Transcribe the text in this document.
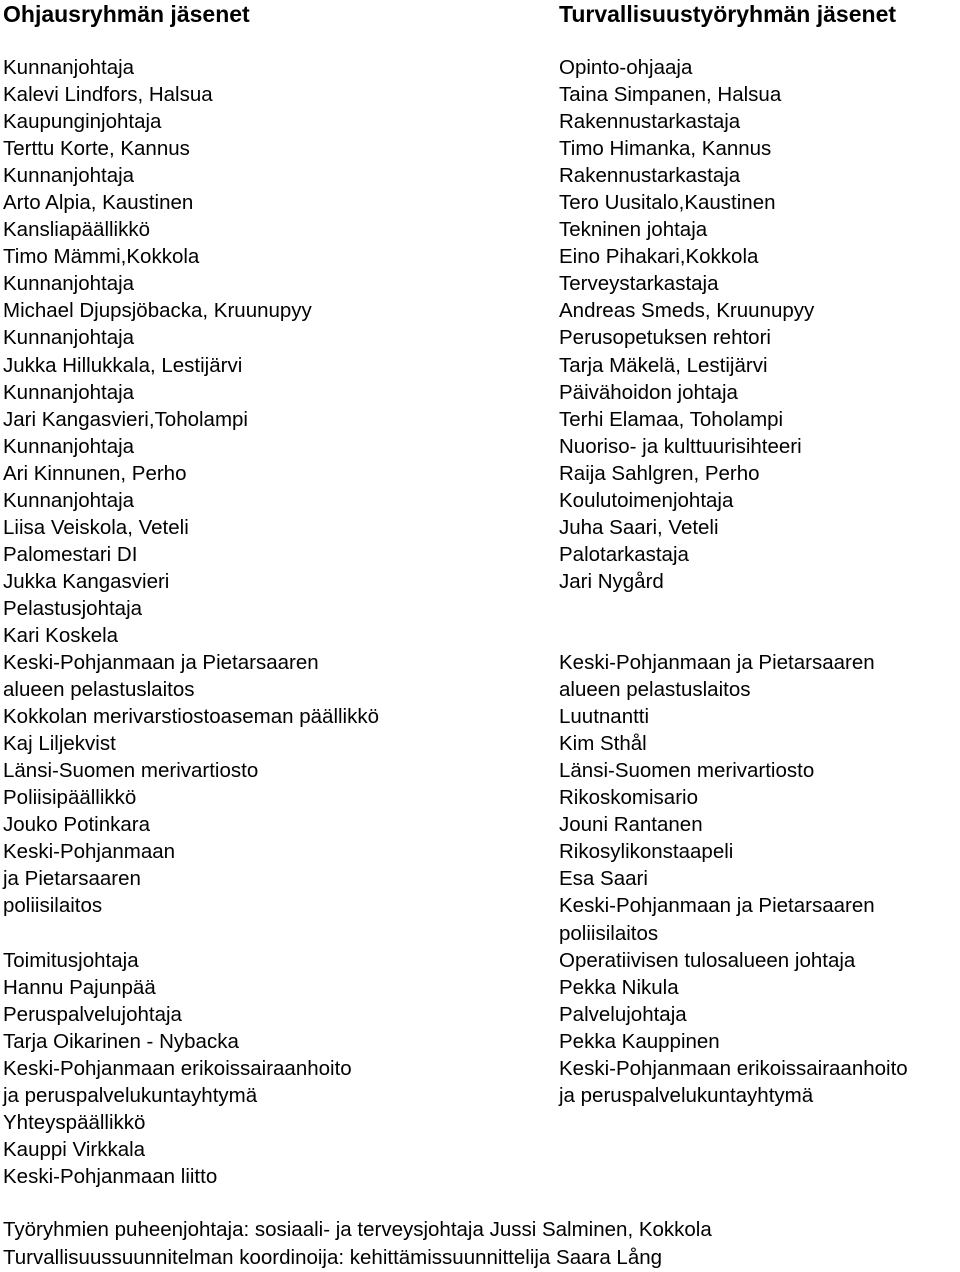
Ohjausryhmän jäsenet
Kunnanjohtaja
Kalevi Lindfors, Halsua
Kaupunginjohtaja
Terttu Korte, Kannus
Kunnanjohtaja
Arto Alpia, Kaustinen
Kansliapäällikkö
Timo Mämmi,Kokkola
Kunnanjohtaja
Michael Djupsjöbacka, Kruunupyy
Kunnanjohtaja
Jukka Hillukkala, Lestijärvi
Kunnanjohtaja
Jari Kangasvieri,Toholampi
Kunnanjohtaja
Ari Kinnunen, Perho
Kunnanjohtaja
Liisa Veiskola, Veteli
Palomestari DI
Jukka Kangasvieri
Pelastusjohtaja
Kari Koskela
Keski-Pohjanmaan ja Pietarsaaren
alueen pelastuslaitos
Kokkolan merivarstiostoaseman päällikkö
Kaj Liljekvist
Länsi-Suomen merivartiosto
Poliisipäällikkö
Jouko Potinkara
Keski-Pohjanmaan
ja Pietarsaaren
poliisilaitos
Toimitusjohtaja
Hannu Pajunpää
Peruspalvelujohtaja
Tarja Oikarinen - Nybacka
Keski-Pohjanmaan erikoissairaanhoito
ja peruspalvelukuntayhtymä
Yhteyspäällikkö
Kauppi Virkkala
Keski-Pohjanmaan liitto
Turvallisuustyöryhmän jäsenet
Opinto-ohjaaja
Taina Simpanen, Halsua
Rakennustarkastaja
Timo Himanka, Kannus
Rakennustarkastaja
Tero Uusitalo,Kaustinen
Tekninen johtaja
Eino Pihakari,Kokkola
Terveystarkastaja
Andreas Smeds, Kruunupyy
Perusopetuksen rehtori
Tarja Mäkelä, Lestijärvi
Päivähoidon johtaja
Terhi Elamaa, Toholampi
Nuoriso- ja kulttuurisihteeri
Raija Sahlgren, Perho
Koulutoimenjohtaja
Juha Saari, Veteli
Palotarkastaja
Jari Nygård
Keski-Pohjanmaan ja Pietarsaaren
alueen pelastuslaitos
Luutnantti
Kim Sthål
Länsi-Suomen merivartiosto
Rikoskomisario
Jouni Rantanen
Rikosylikonstaapeli
Esa Saari
Keski-Pohjanmaan ja Pietarsaaren
poliisilaitos
Operatiivisen tulosalueen johtaja
Pekka Nikula
Palvelujohtaja
Pekka Kauppinen
Keski-Pohjanmaan erikoissairaanhoito
ja peruspalvelukuntayhtymä
Työryhmien puheenjohtaja: sosiaali- ja terveysjohtaja Jussi Salminen, Kokkola
Turvallisuussuunnitelman koordinoija: kehittämissuunnittelija Saara Lång
